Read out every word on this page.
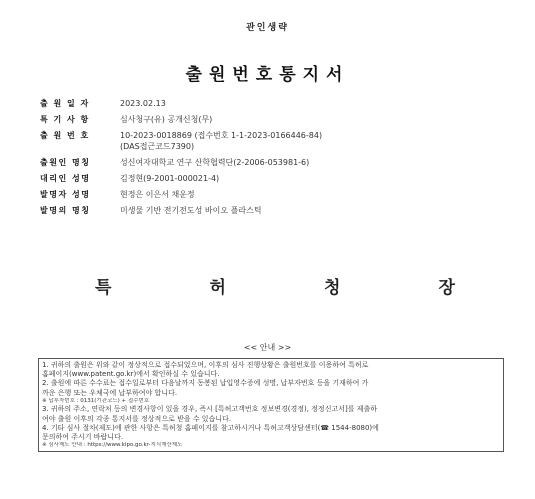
관인생략
출원번호통지서
출 원 일 자	2023.02.13
특 기 사 항	심사청구(유) 공개신청(무)
출 원 번 호	10-2023-0018869 (접수번호 1-1-2023-0166446-84)
(DAS접근코드7390)
출원인 명칭	성신여자대학교 연구 산학협력단(2-2006-053981-6)
대리인 성명	김정현(9-2001-000021-4)
발명자 성명	현정은 이은서 채운정
발명의 명칭	미생물 기반 전기전도성 바이오 플라스틱
특	허	청	장
<< 안내 >>
1. 귀하의 출원은 위와 같이 정상적으로 접수되었으며, 이후의 심사 진행상황은 출원번호를 이용하여 특허로
홈페이지(www.patent.go.kr)에서 확인하실 수 있습니다.
2. 출원에 따른 수수료는 접수일로부터 다음날까지 동봉된 납입영수증에 성명, 납부자번호 등을 기재하여 가
까운 은행 또는 우체국에 납부하여야 합니다.
※ 납부자번호 : 0131(기관코드) + 접수번호
3. 귀하의 주소, 연락처 등의 변경사항이 있을 경우, 즉시 [특허고객번호 정보변경(경정), 정정신고서]를 제출하
여야 출원 이후의 각종 통지서를 정상적으로 받을 수 있습니다.
4. 기타 심사 절차(제도)에 관한 사항은 특허청 홈페이지를 참고하시거나 특허고객상담센터(☎ 1544-8080)에
문의하여 주시기 바랍니다.
※ 심사제도 안내 : https://www.kipo.go.kr-지식재산제도
